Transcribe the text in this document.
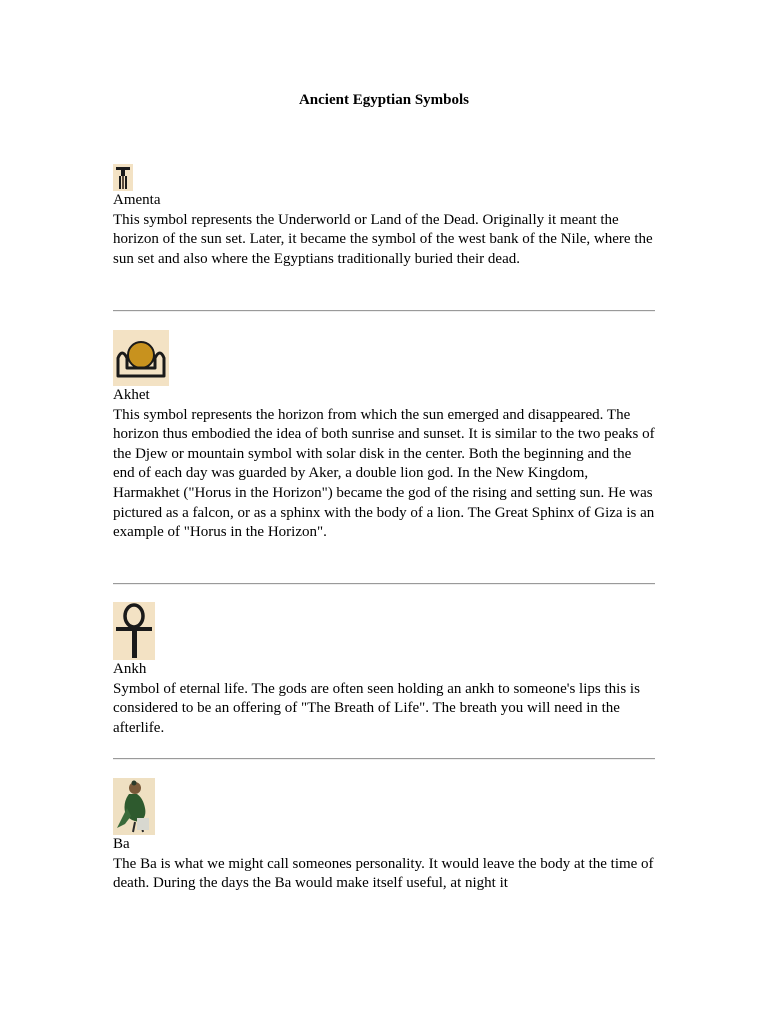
Ancient Egyptian Symbols
Amenta

This symbol represents the Underworld or Land of the Dead. Originally it meant the horizon of the sun set. Later, it became the symbol of the west bank of the Nile, where the sun set and also where the Egyptians traditionally buried their dead.

Akhet

This symbol represents the horizon from which the sun emerged and disappeared. The horizon thus embodied the idea of both sunrise and sunset. It is similar to the two peaks of the Djew or mountain symbol with solar disk in the center. Both the beginning and the end of each day was guarded by Aker, a double lion god. In the New Kingdom, Harmakhet ("Horus in the Horizon") became the god of the rising and setting sun. He was pictured as a falcon, or as a sphinx with the body of a lion. The Great Sphinx of Giza is an example of "Horus in the Horizon".

Ankh

Symbol of eternal life. The gods are often seen holding an ankh to someone's lips this is considered to be an offering of "The Breath of Life". The breath you will need in the afterlife.

Ba

The Ba is what we might call someones personality. It would leave the body at the time of death. During the days the Ba would make itself useful, at night it
